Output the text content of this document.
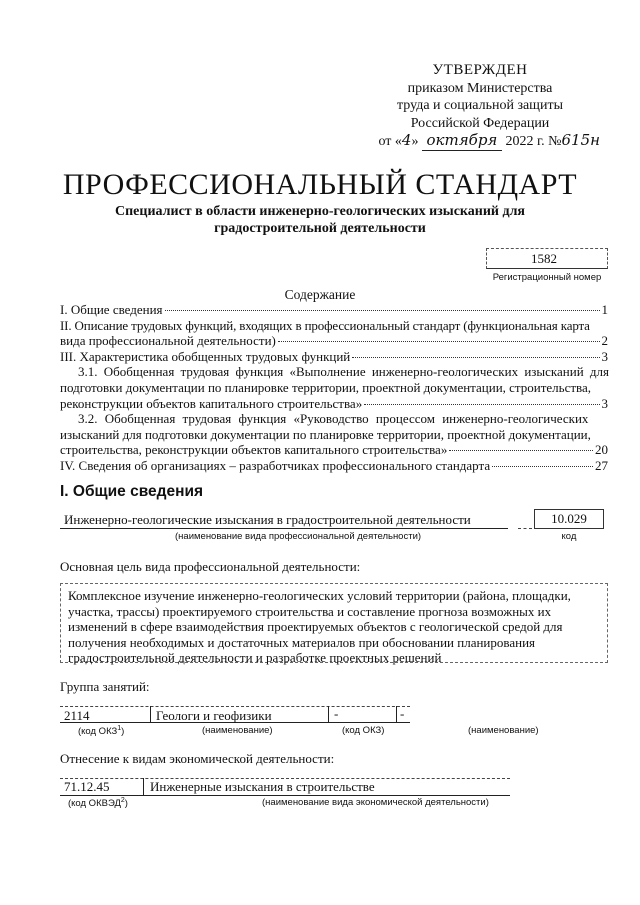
УТВЕРЖДЕН
приказом Министерства
труда и социальной защиты
Российской Федерации
от «4» октября 2022 г. №615н
ПРОФЕССИОНАЛЬНЫЙ СТАНДАРТ
Специалист в области инженерно-геологических изысканий для
градостроительной деятельности
1582
Регистрационный номер
Содержание
I. Общие сведения	1
II. Описание трудовых функций, входящих в профессиональный стандарт (функциональная карта
вида профессиональной деятельности)	2
III. Характеристика обобщенных трудовых функций	3
3.1. Обобщенная трудовая функция «Выполнение инженерно-геологических изысканий для
подготовки документации по планировке территории, проектной документации, строительства,
реконструкции объектов капитального строительства»	3
3.2. Обобщенная трудовая функция «Руководство процессом инженерно-геологических
изысканий для подготовки документации по планировке территории, проектной документации,
строительства, реконструкции объектов капитального строительства»	20
IV. Сведения об организациях – разработчиках профессионального стандарта	27
I. Общие сведения
Инженерно-геологические изыскания в градостроительной деятельности
(наименование вида профессиональной деятельности)
10.029
код
Основная цель вида профессиональной деятельности:
Комплексное изучение инженерно-геологических условий территории (района, площадки,
участка, трассы) проектируемого строительства и составление прогноза возможных их
изменений в сфере взаимодействия проектируемых объектов с геологической средой для
получения необходимых и достаточных материалов при обосновании планирования
градостроительной деятельности и разработке проектных решений
Группа занятий:
2114	Геологи и геофизики	-	-
(код ОКЗ$^1$)	(наименование)	(код ОКЗ)	(наименование)
Отнесение к видам экономической деятельности:
71.12.45	Инженерные изыскания в строительстве
(код ОКВЭД$^2$)	(наименование вида экономической деятельности)
